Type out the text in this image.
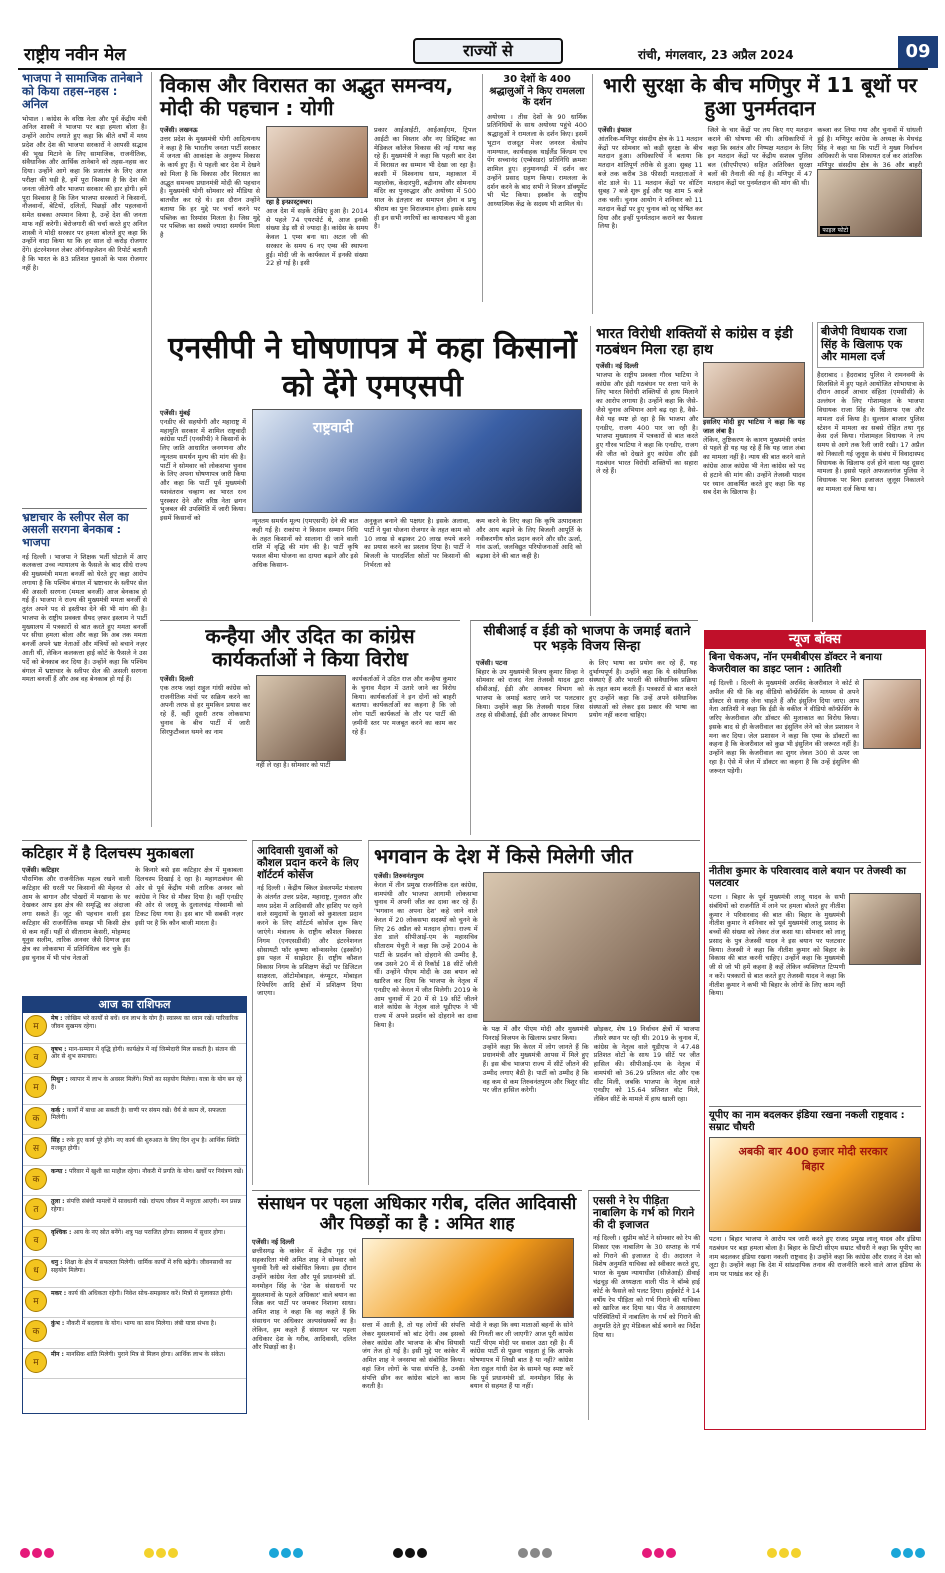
राष्ट्रीय नवीन मेल	राज्यों से	रांची, मंगलवार, 23 अप्रैल 2024	09
भाजपा ने सामाजिक तानेबाने को किया तहस-नहस : अनिल
भोपाल । कांग्रेस के वरिष्ठ नेता और पूर्व केंद्रीय मंत्री अनिल शास्त्री ने भाजपा पर बड़ा हमला बोला है। उन्होंने आरोप लगाते हुए कहा कि बीते वर्षों में मध्य प्रदेश और देश की भाजपा सरकारों ने आपसी सद्भाव की भूख मिटाने के लिए सामाजिक, राजनीतिक, संवैधानिक और आर्थिक तानेबाने को तहस-नहस कर दिया। उन्होंने आगे कहा कि प्रजातंत्र के लिए आज परीक्षा की घड़ी है, हमें पूरा विश्वास है कि देश की जनता जीतेगी और भाजपा सरकार की हार होगी। हमें पूरा विश्वास है कि जिन भाजपा सरकारों ने किसानों, नौजवानों, बेटियों, दलितों, पिछड़ों और पहलवानों समेत सबका अपमान किया है, उन्हें देश की जनता माफ नहीं करेगी। बेरोजगारी की चर्चा करते हुए अनिल शास्त्री ने मोदी सरकार पर हमला बोलते हुए कहा कि उन्होंने वादा किया था कि हर साल दो करोड़ रोजगार देंगे। इंटरनेशनल लेबर ऑर्गनाइजेशन की रिपोर्ट बताती है कि भारत के 83 प्रतिशत युवाओं के पास रोजगार नहीं है।
भ्रष्टाचार के स्लीपर सेल का असली सरगना बेनकाब : भाजपा
नई दिल्ली । भाजपा ने शिक्षक भर्ती घोटाले में आए कलकत्ता उच्च न्यायालय के फैसले के बाद सीधे राज्य की मुख्यमंत्री ममता बनर्जी को घेरते हुए कहा आरोप लगाया है कि पश्चिम बंगाल में भ्रष्टाचार के स्लीपर सेल की असली सरगना (ममता बनर्जी) आज बेनकाब हो गई हैं। भाजपा ने राज्य की मुख्यमंत्री ममता बनर्जी से तुरंत अपने पद से इस्तीफा देने की भी मांग की है। भाजपा के राष्ट्रीय प्रवक्ता सैयद ज़फर इस्लाम ने पार्टी मुख्यालय में पत्रकारों से बात करते हुए ममता बनर्जी पर सीधा हमला बोला और कहा कि अब तक ममता बनर्जी अपने भ्रष्ट नेताओं और मंत्रियों को बचाने नज़र आती थीं, लेकिन कलकत्ता हाई कोर्ट के फैसले ने उस पर्दे को बेनकाब कर दिया है। उन्होंने कहा कि पश्चिम बंगाल में भ्रष्टाचार के स्लीपर सेल की असली सरगना ममता बनर्जी हैं और अब वह बेनकाब हो गई हैं।
विकास और विरासत का अद्भुत समन्वय, मोदी की पहचान : योगी
एजेंसी। लखनऊ
उत्तर प्रदेश के मुख्यमंत्री योगी आदित्यनाथ ने कहा है कि भारतीय जनता पार्टी सरकार में जनता की आकांक्षा के अनुरूप विकास के कार्य हुए हैं। ये पहली बार देश में देखने को मिला है कि विकास और विरासत का अद्भुत समन्वय प्रधानमंत्री मोदी की पहचान है। मुख्यमंत्री योगी सोमवार को मीडिया से बातचीत कर रहे थे। इस दौरान उन्होंने बताया कि हर मुद्दे पर चर्चा करने पर पब्लिक का रिस्पांस मिलता है। जिस मुद्दे पर पब्लिक का सबसे ज्यादा समर्थन मिला है
रहा है इन्फ्रास्ट्रक्चर।
आज देश में सड़कें देखिए हुआ है। 2014 से पहले 74 एयरपोर्ट थे, आज इनकी संख्या डेढ़ सौ से ज्यादा है। कांग्रेस के समय केवल 1 एम्स बना था। अटल जी की सरकार के समय 6 नए एम्स की स्थापना हुई। मोदी जी के कार्यकाल में इनकी संख्या 22 हो गई है। इसी
प्रकार आईआईटी, आईआईएम, ट्रिपल आईटी का विस्तार और नए डिस्ट्रिक्ट का मेडिकल कॉलेज विकास की नई गाथा कह रहे हैं। मुख्यमंत्री ने कहा कि पहली बार देश में विरासत का सम्मान भी देखा जा रहा है। काशी में विश्वनाथ धाम, महाकाल में महालोक, केदारपुरी, बद्रीनाथ और सोमनाथ मंदिर का पुनरुद्धार और अयोध्या में 500 साल के इंतज़ार का समापन होना व प्रभु श्रीराम का पुनः विराजमान होना। इसके साथ ही इन सभी नगरियों का कायाकल्प भी हुआ है।
30 देशों के 400 श्रद्धालुओं ने किए रामलला के दर्शन
अयोध्या । तीस देशों के 90 धार्मिक प्रतिनिधियों के साथ अयोध्या पहुंचे 400 श्रद्धालुओं ने रामलला के दर्शन किए। इसमें भूटान राजदूत मेजर जनरल वेत्सोप नामग्याल, कार्यवाहक थाईलैंड किंग्डम एच पेंग सच्चानंद (एम्बेसडर) प्रतिनिधि क्रमशः शामिल हुए। हनुमानगढ़ी में दर्शन कर उन्होंने प्रसाद ग्रहण किया। रामलला के दर्शन करने के बाद सभी ने विजन डॉक्यूमेंट भी भेंट किया। इस्कॉन के राष्ट्रीय आध्यात्मिक केंद्र के सदस्य भी शामिल थे।
भारी सुरक्षा के बीच मणिपुर में 11 बूथों पर हुआ पुनर्मतदान
एजेंसी। इंफाल
आंतरिक-मणिपुर संसदीय क्षेत्र के 11 मतदान केंद्रों पर सोमवार को कड़ी सुरक्षा के बीच मतदान हुआ। अधिकारियों ने बताया कि मतदान शांतिपूर्ण तरीके से हुआ। सुबह 11 बजे तक करीब 38 फीसदी मतदाताओं ने वोट डाले थे। 11 मतदान केंद्रों पर वोटिंग सुबह 7 बजे शुरू हुई और यह शाम 5 बजे तक चली। चुनाव आयोग ने शनिवार को 11 मतदान केंद्रों पर हुए चुनाव को रद्द घोषित कर दिया और इन्हीं पुनर्मतदान कराने का फैसला लिया है।
जिले के चार केंद्रों पर तय किए गए मतदान कराने की घोषणा की थी। अधिकारियों ने कहा कि स्वतंत्र और निष्पक्ष मतदान के लिए इन मतदान केंद्रों पर केंद्रीय सशस्त्र पुलिस बल (सीएपीएफ) सहित अतिरिक्त सुरक्षा बलों की तैनाती की गई है। मणिपुर में 47 मतदान केंद्रों पर पुनर्मतदान की मांग की थी।
कब्जा कर लिया गया और चुनावों में धांधली हुई है। मणिपुर कांग्रेस के अध्यक्ष के मेघचंद्र सिंह ने कहा था कि पार्टी ने मुख्य निर्वाचन अधिकारी के पास शिकायत दर्ज कर आंतरिक मणिपुर संसदीय क्षेत्र के 36 और बाहरी
फाइल फोटो
एनसीपी ने घोषणापत्र में कहा किसानों को देंगे एमएसपी
एजेंसी। मुंबई
एनडीए की सहयोगी और महाराष्ट्र में महायुति सरकार में शामिल राष्ट्रवादी कांग्रेस पार्टी (एनसीपी) ने किसानों के लिए जाति आधारित जनगणना और न्यूनतम समर्थन मूल्य की मांग की है। पार्टी ने सोमवार को लोकसभा चुनाव के लिए अपना घोषणापत्र जारी किया और कहा कि पार्टी पूर्व मुख्यमंत्री यशवंतराव चव्हाण का भारत रत्न पुरस्कार देने और वरिष्ठ नेता छगन भुजबल की उपस्थिति में जारी किया। इसमें किसानों को
राष्ट्रवादी
न्यूनतम समर्थन मूल्य (एमएसपी) देने की बात कही गई है। राकांपा ने किसान सम्मान निधि के तहत किसानों को सालाना दी जाने वाली राशि में वृद्धि की मांग की है। पार्टी कृषि फसल बीमा योजना का दायरा बढ़ाने और इसे अधिक किसान-
अनुकूल बनाने की पक्षधर है। इसके अलावा, पार्टी ने युवा योजना रोजगार के तहत काम को 10 लाख से बढ़ाकर 20 लाख रुपये करने का प्रयास करने का प्रस्ताव दिया है। पार्टी ने बिजली के पारदर्शिता स्रोतों पर किसानों की निर्भरता को
कम करने के लिए कहा कि कृषि उत्पादकता और आय बढ़ाने के लिए बिजली आपूर्ति के नवीकरणीय स्रोत प्रदान करने और सौर ऊर्जा, गांव ऊर्जा, जलविद्युत परियोजनाओं आदि को बढ़ावा देने की बात कही है।
भारत विरोधी शक्तियों से कांग्रेस व इंडी गठबंधन मिला रहा हाथ
एजेंसी। नई दिल्ली
भाजपा के राष्ट्रीय प्रवक्ता गौरव भाटिया ने कांग्रेस और इंडी गठबंधन पर सत्ता पाने के लिए भारत विरोधी शक्तियों से हाथ मिलाने का आरोप लगाया है। उन्होंने कहा कि जैसे-जैसे चुनाव अभियान आगे बढ़ रहा है, वैसे-वैसे यह स्पष्ट हो रहा है कि भाजपा और एनडीए, राजग 400 पार जा रही है। भाजपा मुख्यालय में पत्रकारों से बात करते हुए गौरव भाटिया ने कहा कि एनडीए, राजग की जीत को देखते हुए कांग्रेस और इंडी गठबंधन भारत विरोधी शक्तियों का सहारा ले रहे हैं।
इसलिए मोदी हुए भाटिया ने कहा कि यह जाल लंबा है।
लेकिन, तुष्टिकरण के कारण मुख्यमंत्री जयंत से पहले ही यह यह रहे हैं कि यह जाल लंबा का मामला नहीं है। न्याय की बात करने वाले कांग्रेस आज कांग्रेस भी नेता कांग्रेस को पद से हटाने की मांग की। उन्होंने तेजस्वी यादव पर ध्यान आकर्षित करते हुए कहा कि यह सब देश के खिलाफ है।
बीजेपी विधायक राजा सिंह के खिलाफ एक और मामला दर्ज
हैदराबाद । हैदराबाद पुलिस ने रामनवमी के सिलसिले में हुए पहले आयोजित शोभायात्रा के दौरान आदर्श आचार संहिता (एमसीसी) के उल्लंघन के लिए गोशामहल के भाजपा विधायक राजा सिंह के खिलाफ एक और मामला दर्ज किया है। सुल्तान बाजार पुलिस स्टेशन में मामला का सबसे रोहित तथा गृह केस दर्ज किया। गोशामहल विधायक ने तय समय से आगे तक रैली जारी रखी। 17 अप्रैल को निकाली गई जुलूस के संबंध में विवादास्पद विधायक के खिलाफ दर्ज होने वाला यह दूसरा मामला है। इससे पहले अफजलगंज पुलिस ने विधायक पर बिना इजाजत जुलूस निकालने का मामला दर्ज किया था।
कन्हैया और उदित का कांग्रेस कार्यकर्ताओं ने किया विरोध
एजेंसी। दिल्ली
एक तरफ जहां राहुल गांधी कांग्रेस को राजनीतिक मंचों पर सक्रिय करने का अपनी तरफ से हर मुमकिन प्रयास कर रहे हैं, वहीं दूसरी तरफ लोकसभा चुनाव के बीच पार्टी में जारी सिरफुटौव्वल थमने का नाम
नहीं ले रहा है। सोमवार को पार्टी
कार्यकर्ताओं ने उदित राज और कन्हैया कुमार के चुनाव मैदान में उतारे जाने का विरोध किया। कार्यकर्ताओं ने इन दोनों को बाहरी बताया। कार्यकर्ताओं का कहना है कि जो लोग पार्टी कार्यकर्ता के तौर पर पार्टी की ज़मीनी स्तर पर मजबूत करने का काम कर रहे हैं।
सीबीआई व ईडी को भाजपा के जमाई बताने पर भड़के विजय सिन्हा
एजेंसी। पटना
बिहार के उप मुख्यमंत्री विजय कुमार सिन्हा ने सोमवार को राजद नेता तेजस्वी यादव द्वारा सीबीआई, ईडी और आयकर विभाग को भाजपा के जमाई बताए जाने पर पलटवार किया। उन्होंने कहा कि तेजस्वी यादव जिस तरह से सीबीआई, ईडी और आयकर विभाग
के लिए भाषा का प्रयोग कर रहे हैं, यह दुर्भाग्यपूर्ण है। उन्होंने कहा कि ये संवैधानिक संस्थाएं हैं और भारती की संवैधानिक प्रक्रिया के तहत काम करती हैं। पत्रकारों से बात करते हुए उन्होंने कहा कि उन्हें अपने संवैधानिक संस्थाओं को लेकर इस प्रकार की भाषा का प्रयोग नहीं करना चाहिए।
न्यूज बॉक्स
बिना चेकअप, नॉन एमबीबीएस डॉक्टर ने बनाया केजरीवाल का डाइट प्लान : आतिशी
नई दिल्ली । दिल्ली के मुख्यमंत्री अरविंद केजरीवाल ने कोर्ट से अपील की थी कि वह वीडियो कॉन्फ्रेंसिंग के माध्यम से अपने डॉक्टर से सलाह लेना चाहते हैं और इंसुलिन दिया जाए। आप नेता आतिशी ने कहा कि ईडी के वकील ने वीडियो कॉन्फ्रेंसिंग के जरिए केजरीवाल और डॉक्टर की मुलाकात का विरोध किया। इसके बाद से ही केजरीवाल का इंसुलिन लेने को जेल प्रशासन ने मना कर दिया। जेल प्रशासन ने कहा कि एम्स के डॉक्टरों का कहना है कि केजरीवाल को कुछ भी इंसुलिन की जरूरत नहीं है। उन्होंने कहा कि केजरीवाल का शुगर लेवल 300 से ऊपर जा रहा है। ऐसे में जेल में डॉक्टर का कहना है कि उन्हें इंसुलिन की जरूरत पड़ेगी।
नीतीश कुमार के परिवारवाद वाले बयान पर तेजस्वी का पलटवार
पटना । बिहार के पूर्व मुख्यमंत्री लालू यादव के सभी संबंधियों को राजनीति में लाने पर हमला बोलते हुए नीतीश कुमार ने परिवारवाद की बात की। बिहार के मुख्यमंत्री नीतीश कुमार ने शनिवार को पूर्व मुख्यमंत्री लालू प्रसाद के बच्चों की संख्या को लेकर तंज कसा था। सोमवार को लालू प्रसाद के पुत्र तेजस्वी यादव ने इस बयान पर पलटवार किया। तेजस्वी ने कहा कि नीतीश कुमार को बिहार के विकास की बात करनी चाहिए। उन्होंने कहा कि मुख्यमंत्री जी से जो भी हमें कहना है कहें लेकिन व्यक्तिगत टिप्पणी न करें। पत्रकारों से बात करते हुए तेजस्वी यादव ने कहा कि नीतीश कुमार ने कभी भी बिहार के लोगों के लिए काम नहीं किया।
यूपीए का नाम बदलकर इंडिया रखना नकली राष्ट्रवाद : सम्राट चौधरी
अबकी बार 400 हजार मोदी सरकार बिहार
पटना । बिहार भाजपा ने आरोप पत्र जारी करते हुए राजद प्रमुख लालू यादव और इंडिया गठबंधन पर बड़ा हमला बोला है। बिहार के डिप्टी सीएम सम्राट चौधरी ने कहा कि यूपीए का नाम बदलकर इंडिया रखना नकली राष्ट्रवाद है। उन्होंने कहा कि कांग्रेस और राजद ने देश को लूटा है। उन्होंने कहा कि देश में सांप्रदायिक तनाव की राजनीति करने वाले आज इंडिया के नाम पर पाखंड कर रहे हैं।
कटिहार में है दिलचस्प मुकाबला
एजेंसी। कटिहार
पौराणिक और राजनीतिक महत्व रखने वाली कटिहार की धरती पर किसानों की मेहनत से आम के बागान और पोखरों में मखाना के घर देखकर आप इस क्षेत्र की समृद्धि का अंदाजा लगा सकते हैं। जूट की पहचान वाली इस कटिहार की राजनीतिक समझ भी किसी क्षेत्र से कम नहीं। यहीं से सीताराम केसरी, मोहम्मद यूनुस सलीम, तारिक अनवर जैसे दिग्गज इस क्षेत्र का लोकसभा में प्रतिनिधित्व कर चुके हैं। इस चुनाव में भी पांच नेताओं
के किनारे बसे इस कटिहार क्षेत्र में मुकाबला दिलचस्प दिखाई दे रहा है। महागठबंधन की ओर से पूर्व केंद्रीय मंत्री तारिक अनवर को कांग्रेस ने फिर से मौका दिया है। वहीं एनडीए की ओर से जदयू के दुलालचंद्र गोस्वामी को टिकट दिया गया है। इस बार भी सबकी नज़र इसी पर है कि कौन बाजी मारता है।
आज का राशिफल
म
मेष : जोखिम भरे कार्यों से बचें। धन लाभ के योग हैं। स्वास्थ्य का ध्यान रखें। पारिवारिक जीवन सुखमय रहेगा।
व
वृषभ : मान-सम्मान में वृद्धि होगी। कार्यक्षेत्र में नई जिम्मेदारी मिल सकती है। संतान की ओर से शुभ समाचार।
म
मिथुन : व्यापार में लाभ के अवसर मिलेंगे। मित्रों का सहयोग मिलेगा। यात्रा के योग बन रहे हैं।
क
कर्क : कार्यों में बाधा आ सकती है। वाणी पर संयम रखें। धैर्य से काम लें, सफलता मिलेगी।
स
सिंह : रुके हुए कार्य पूरे होंगे। नए कार्य की शुरुआत के लिए दिन शुभ है। आर्थिक स्थिति मजबूत होगी।
क
कन्या : परिवार में खुशी का माहौल रहेगा। नौकरी में प्रगति के योग। खर्चों पर नियंत्रण रखें।
त
तुला : संपत्ति संबंधी मामलों में सावधानी रखें। दांपत्य जीवन में मधुरता आएगी। मन प्रसन्न रहेगा।
व
वृश्चिक : आय के नए स्रोत बनेंगे। शत्रु पक्ष पराजित होगा। स्वास्थ्य में सुधार होगा।
ध
धनु : शिक्षा के क्षेत्र में सफलता मिलेगी। धार्मिक कार्यों में रुचि बढ़ेगी। जीवनसाथी का सहयोग मिलेगा।
म
मकर : कार्य की अधिकता रहेगी। निवेश सोच-समझकर करें। मित्रों से मुलाकात होगी।
क
कुंभ : नौकरी में बदलाव के योग। भाग्य का साथ मिलेगा। लंबी यात्रा संभव है।
म
मीन : मानसिक शांति मिलेगी। पुराने मित्र से मिलन होगा। आर्थिक लाभ के संकेत।
आदिवासी युवाओं को कौशल प्रदान करने के लिए शॉर्टटर्म कोर्सेज
नई दिल्ली । केंद्रीय स्किल डेवलपमेंट मंत्रालय के अंतर्गत उत्तर प्रदेश, महाराष्ट्र, गुजरात और मध्य प्रदेश में आदिवासी और हाशिए पर रहने वाले समुदायों के युवाओं को कुशलता प्रदान करने के लिए शॉर्टटर्म कोर्सेज शुरू किए जाएंगे। मंत्रालय के राष्ट्रीय कौशल विकास निगम (एनएसडीसी) और इंटरनेशनल सोसायटी फॉर कृष्णा कॉन्शसनेस (इस्कॉन) इस पहल में साझेदार हैं। राष्ट्रीय कौशल विकास निगम के प्रशिक्षण केंद्रों पर डिजिटल साक्षरता, ऑटोमोबाइल, कंप्यूटर, मोबाइल रिपेयरिंग आदि क्षेत्रों में प्रशिक्षण दिया जाएगा।
भगवान के देश में किसे मिलेगी जीत
एजेंसी। तिरुवनंतपुरम
केरल में तीन प्रमुख राजनीतिक दल कांग्रेस, वामपंथी और भाजपा आगामी लोकसभा चुनाव में अपनी जीत का दावा कर रहे हैं। 'भगवान का अपना देश' कहे जाने वाले केरल में 20 लोकसभा सदस्यों को चुनने के लिए 26 अप्रैल को मतदान होगा। राज्य में डेरा डाले सीपीआई-एम के महासचिव सीताराम येचुरी ने कहा कि उन्हें 2004 के पार्टी के प्रदर्शन को दोहराने की उम्मीद है, जब उसने 20 में से रिकॉर्ड 18 सीटें जीती थीं। उन्होंने पीएम मोदी के उस बयान को खारिज कर दिया कि भाजपा के नेतृत्व में एनडीए को केरल में जीत मिलेगी। 2019 के आम चुनावों में 20 में से 19 सीटें जीतने वाले कांग्रेस के नेतृत्व वाले यूडीएफ ने भी राज्य में अपने प्रदर्शन को दोहराने का दावा किया है।	के पक्ष में और पीएम मोदी और मुख्यमंत्री पिनराई विजयन के खिलाफ प्रचार किया।
उन्होंने कहा कि केरल में लोग जानते हैं कि प्रधानमंत्री और मुख्यमंत्री आपस में मिले हुए हैं। इस बीच भाजपा राज्य में सीटें जीतने की उम्मीद लगाए बैठी है। पार्टी को उम्मीद है कि वह कम से कम तिरुवनंतपुरम और त्रिशूर सीट पर जीत हासिल करेगी।
छोड़कर, शेष 19 निर्वाचन क्षेत्रों में भाजपा तीसरे स्थान पर रही थी। 2019 के चुनाव में, कांग्रेस के नेतृत्व वाले यूडीएफ ने 47.48 प्रतिशत वोटों के साथ 19 सीटें पर जीत हासिल की। सीपीआई-एम के नेतृत्व में वामपंथी को 36.29 प्रतिशत वोट और एक सीट मिली, जबकि भाजपा के नेतृत्व वाले एनडीए को 15.64 प्रतिशत वोट मिले, लेकिन सीटें के मामले में हाथ खाली रहा।
संसाधन पर पहला अधिकार गरीब, दलित आदिवासी और पिछड़ों का है : अमित शाह
एजेंसी। नई दिल्ली
छत्तीसगढ़ के कांकेर में केंद्रीय गृह एवं सहकारिता मंत्री अमित शाह ने सोमवार को चुनावी रैली को संबोधित किया। इस दौरान उन्होंने कांग्रेस नेता और पूर्व प्रधानमंत्री डॉ. मनमोहन सिंह के 'देश के संसाधनों पर मुसलमानों के पहले अधिकार' वाले बयान का जिक्र कर पार्टी पर जमकर निशाना साधा। अमित शाह ने कहा कि वह कहते हैं कि संसाधन पर अधिकार अल्पसंख्यकों का है। लेकिन, हम कहते हैं संसाधन पर पहला अधिकार देश के गरीब, आदिवासी, दलित और पिछड़ों का है।
सत्ता में आती है, तो यह लोगों की संपत्ति लेकर मुसलमानों को बांट देगी। अब इसको लेकर कांग्रेस और भाजपा के बीच सियासी जंग तेज हो गई है। इसी मुद्दे पर कांकेर में अमित शाह ने जनसभा को संबोधित किया। वहां जिन लोगों के पास संपत्ति है, उनकी संपत्ति छीन कर कांग्रेस बांटने का काम करती है।
मोदी ने कहा कि क्या माताओं बहनों के सोने की गिनती कर ली जाएगी? आज पूरी कांग्रेस पार्टी पीएम मोदी पर सवाल उठा रही है। मैं कांग्रेस पार्टी से पूछना चाहता हूं कि आपके घोषणापत्र में लिखी बात है या नहीं? कांग्रेस नेता राहुल गांधी देश के सामने यह स्पष्ट करें कि पूर्व प्रधानमंत्री डॉ. मनमोहन सिंह के बयान से सहमत हैं या नहीं।
एससी ने रेप पीड़िता नाबालिग के गर्भ को गिराने की दी इजाजत
नई दिल्ली । सुप्रीम कोर्ट ने सोमवार को रेप की शिकार एक नाबालिग के 30 सप्ताह के गर्भ को गिराने की इजाजत दे दी। अदालत ने विशेष अनुमति याचिका को स्वीकार करते हुए, भारत के मुख्य न्यायाधीश (सीजेआई) डीवाई चंद्रचूड़ की अध्यक्षता वाली पीठ ने बॉम्बे हाई कोर्ट के फैसले को पलट दिया। हाईकोर्ट ने 14 वर्षीय रेप पीड़िता को गर्भ गिराने की याचिका को खारिज कर दिया था। पीठ ने असाधारण परिस्थितियों में नाबालिग के गर्भ को गिराने की अनुमति देते हुए मेडिकल बोर्ड बनाने का निर्देश दिया था।
